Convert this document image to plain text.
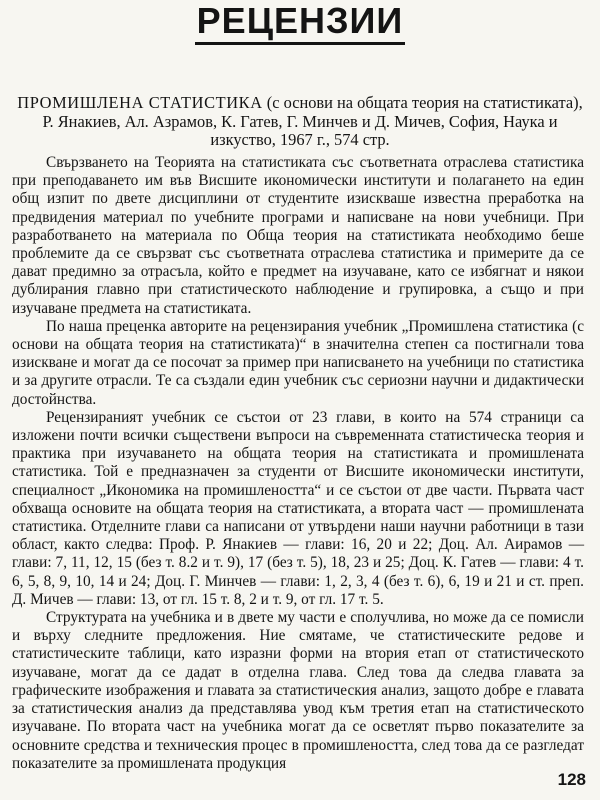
РЕЦЕНЗИИ
ПРОМИШЛЕНА СТАТИСТИКА (с основи на общата теория на статистиката), Р. Янакиев, Ал. Азрамов, К. Гатев, Г. Минчев и Д. Мичев, София, Наука и изкуство, 1967 г., 574 стр.

Свързването на Теорията на статистиката със съответната отраслева статистика при преподаването им във Висшите икономически институти и полагането на един общ изпит по двете дисциплини от студентите изискваше известна преработка на предвидения материал по учебните програми и написване на нови учебници. При разработването на материала по Обща теория на статистиката необходимо беше проблемите да се свързват със съответната отраслева статистика и примерите да се дават предимно за отрасъла, който е предмет на изучаване, като се избягнат и някои дублирания главно при статистическото наблюдение и групировка, а също и при изучаване предмета на статистиката.

По наша преценка авторите на рецензирания учебник „Промишлена статистика (с основи на общата теория на статистиката)“ в значителна степен са постигнали това изискване и могат да се посочат за пример при написването на учебници по статистика и за другите отрасли. Те са създали един учебник със сериозни научни и дидактически достойнства.

Рецензираният учебник се състои от 23 глави, в които на 574 страници са изложени почти всички съществени въпроси на съвременната статистическа теория и практика при изучаването на общата теория на статистиката и промишлената статистика. Той е предназначен за студенти от Висшите икономически институти, специалност „Икономика на промишлеността“ и се състои от две части. Първата част обхваща основите на общата теория на статистиката, а втората част — промишлената статистика. Отделните глави са написани от утвърдени наши научни работници в тази област, както следва: Проф. Р. Янакиев — глави: 16, 20 и 22; Доц. Ал. Аирамов — глави: 7, 11, 12, 15 (без т. 8.2 и т. 9), 17 (без т. 5), 18, 23 и 25; Доц. К. Гатев — глави: 4 т. 6, 5, 8, 9, 10, 14 и 24; Доц. Г. Минчев — глави: 1, 2, 3, 4 (без т. 6), 6, 19 и 21 и ст. преп. Д. Мичев — глави: 13, от гл. 15 т. 8, 2 и т. 9, от гл. 17 т. 5.

Структурата на учебника и в двете му части е сполучлива, но може да се помисли и върху следните предложения. Ние смятаме, че статистическите редове и статистическите таблици, като изразни форми на втория етап от статистическото изучаване, могат да се дадат в отделна глава. След това да следва главата за графическите изображения и главата за статистическия анализ, защото добре е главата за статистическия анализ да представлява увод към третия етап на статистическото изучаване. По втората част на учебника могат да се осветлят първо показателите за основните средства и техническия процес в промишлеността, след това да се разгледат показателите за промишлената продукция

128
